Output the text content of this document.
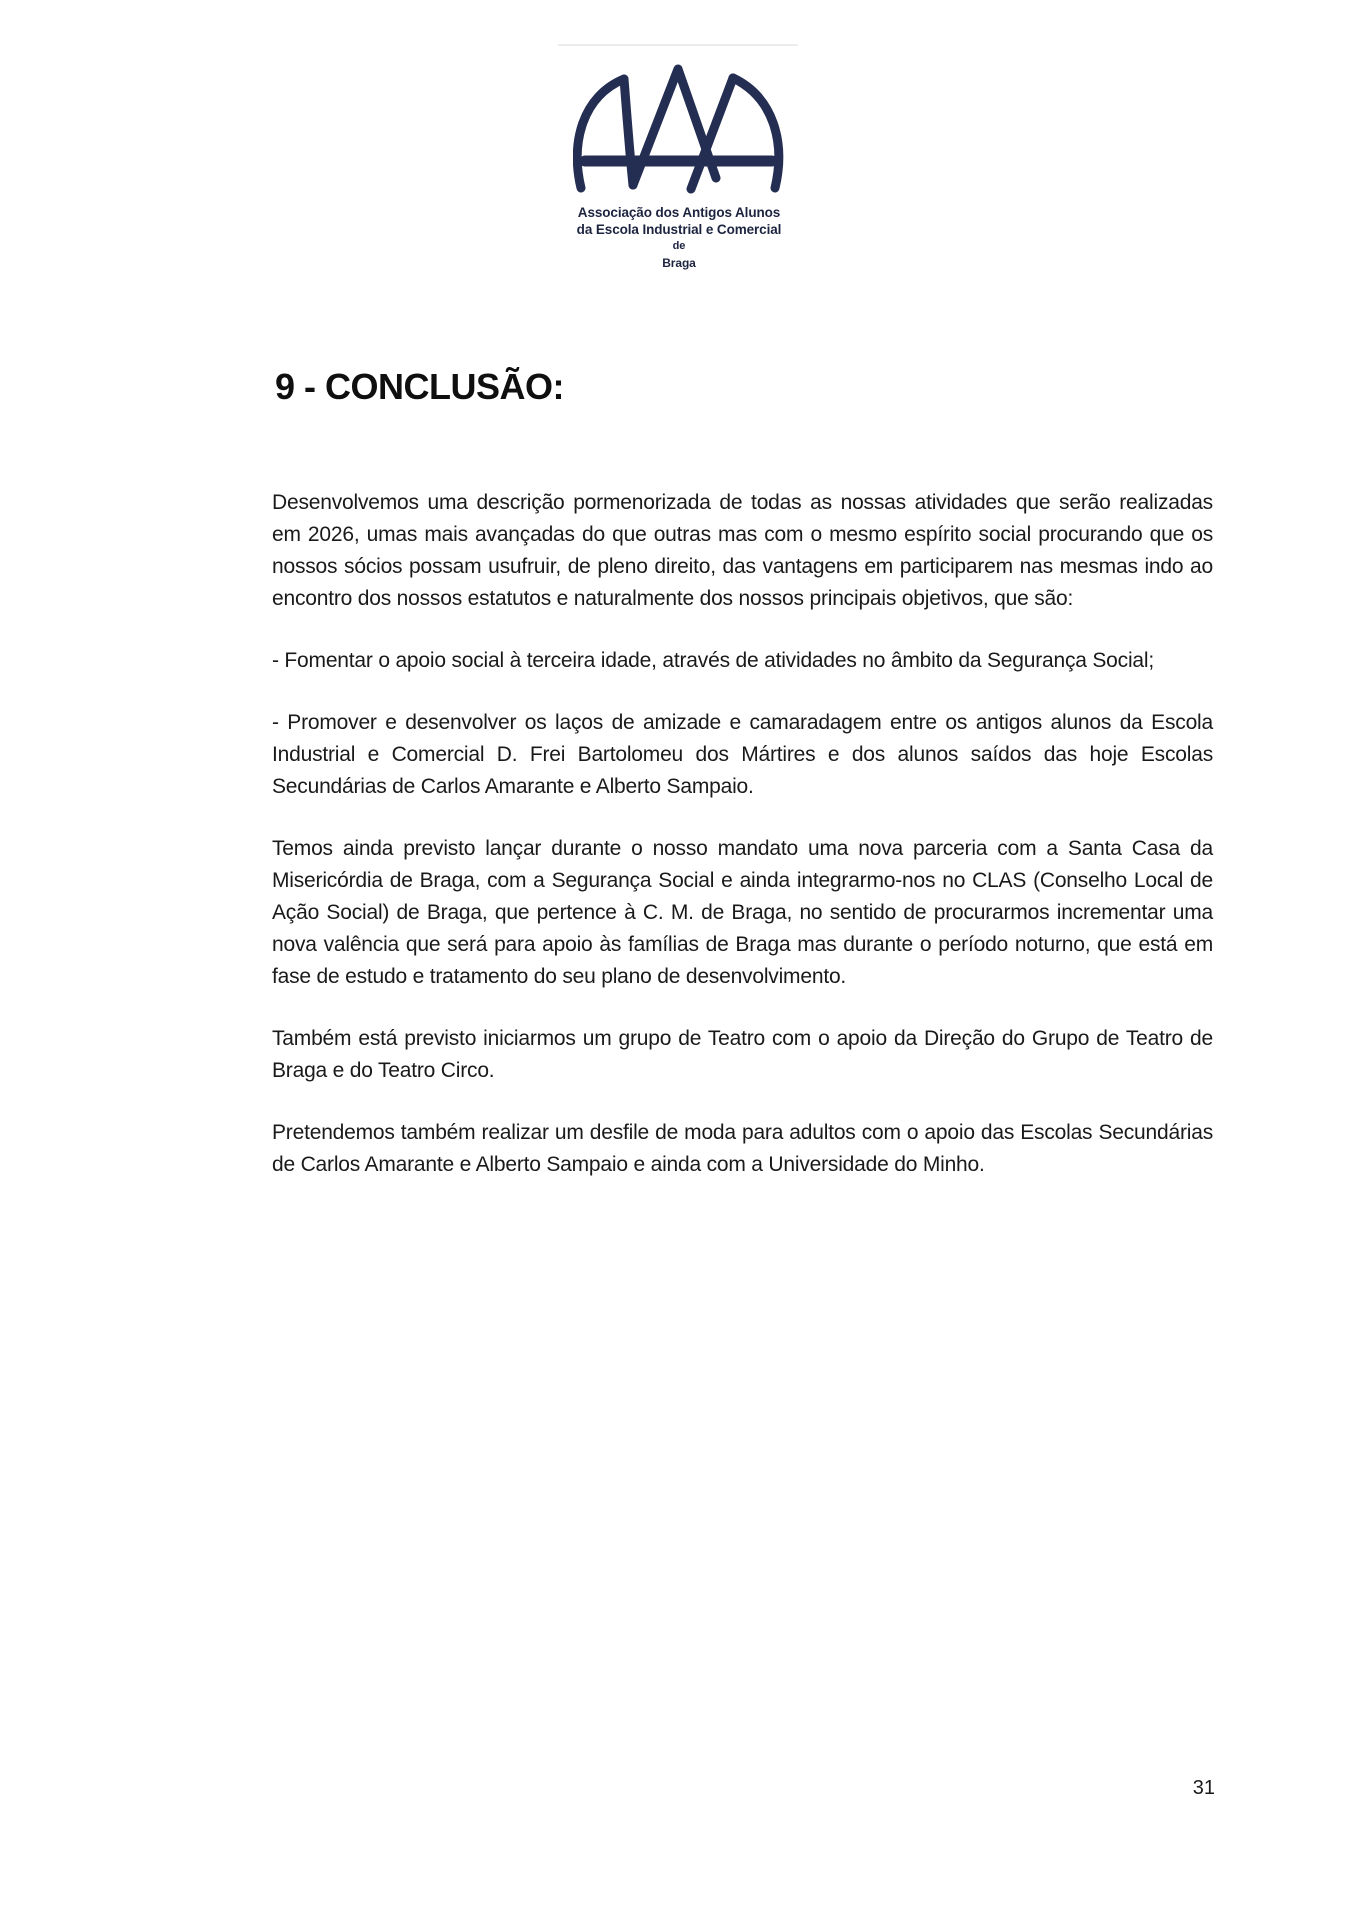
Associação dos Antigos Alunos
da Escola Industrial e Comercial
de
Braga
9 - CONCLUSÃO:

Desenvolvemos uma descrição pormenorizada de todas as nossas atividades que serão realizadas em 2026, umas mais avançadas do que outras mas com o mesmo espírito social procurando que os nossos sócios possam usufruir, de pleno direito, das vantagens em participarem nas mesmas indo ao encontro dos nossos estatutos e naturalmente dos nossos principais objetivos, que são:

- Fomentar o apoio social à terceira idade, através de atividades no âmbito da Segurança Social;

- Promover e desenvolver os laços de amizade e camaradagem entre os antigos alunos da Escola Industrial e Comercial D. Frei Bartolomeu dos Mártires e dos alunos saídos das hoje Escolas Secundárias de Carlos Amarante e Alberto Sampaio.

Temos ainda previsto lançar durante o nosso mandato uma nova parceria com a Santa Casa da Misericórdia de Braga, com a Segurança Social e ainda integrarmo-nos no CLAS (Conselho Local de Ação Social) de Braga, que pertence à C. M. de Braga, no sentido de procurarmos incrementar uma nova valência que será para apoio às famílias de Braga mas durante o período noturno, que está em fase de estudo e tratamento do seu plano de desenvolvimento.

Também está previsto iniciarmos um grupo de Teatro com o apoio da Direção do Grupo de Teatro de Braga e do Teatro Circo.

Pretendemos também realizar um desfile de moda para adultos com o apoio das Escolas Secundárias de Carlos Amarante e Alberto Sampaio e ainda com a Universidade do Minho.

31
